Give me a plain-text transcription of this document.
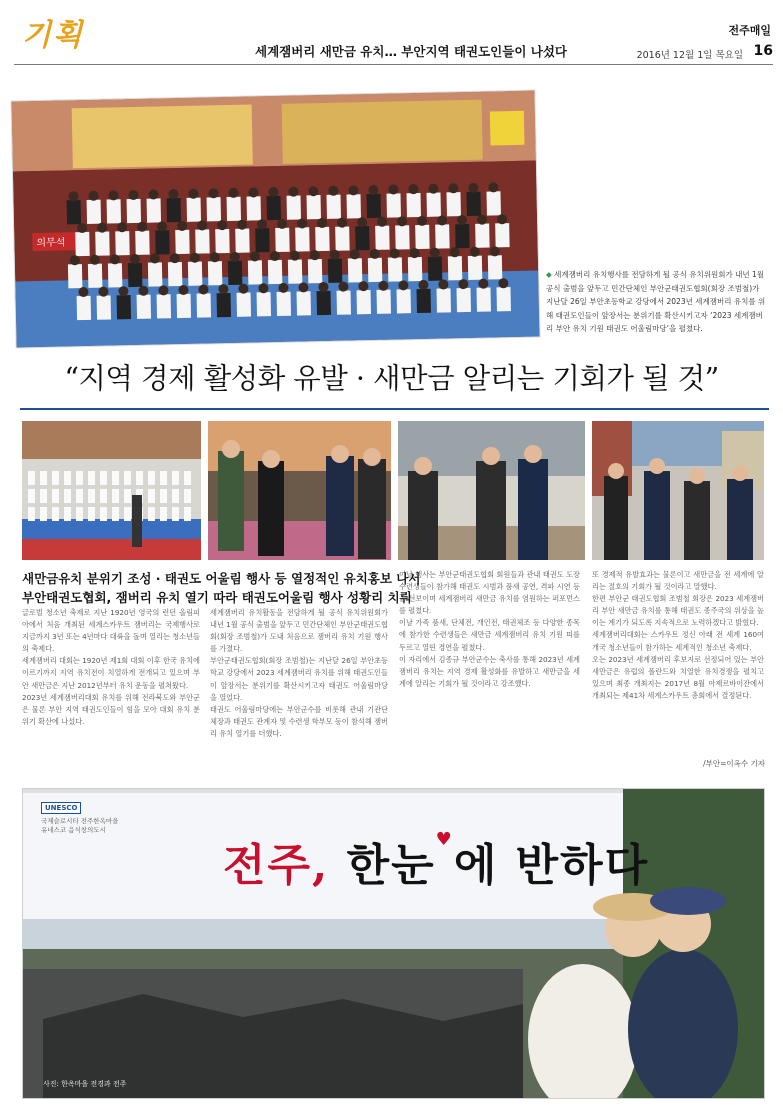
기획	세계잼버리 새만금 유치… 부안지역 태권도인들이 나섰다
전주매일
2016년 12월 1일 목요일 16
의무석
◆ 세계잼버리 유치행사를 전담하게 될 공식 유치위원회가 내년 1월 공식 출범을 앞두고 민간단체인 부안군태권도협회(회장 조범철)가 지난달 26일 부안초등학교 강당에서 2023년 세계잼버리 유치를 위해 태권도인들이 앞장서는 분위기를 확산시키고자 ‘2023 세계잼버리 부안 유치 기원 태권도 어울림마당’을 펼쳤다.
“지역 경제 활성화 유발 · 새만금 알리는 기회가 될 것”
새만금유치 분위기 조성 · 태권도 어울림 행사 등 열정적인 유치홍보 나서
부안태권도협회, 잼버리 유치 열기 따라 태권도어울림 행사 성황리 치뤄

글로벌 청소년 축제로 지난 1920년 영국의 런던 올림피아에서 처음 개최된 세계스카우트 잼버리는 국제행사로 지금까지 3년 또는 4년마다 대륙을 돌며 열리는 청소년들의 축제다.

세계잼버리 대회는 1920년 제1회 대회 이후 한국 유치에 이르기까지 지역 유치전이 치열하게 전개되고 있으며 부안 새만금은 지난 2012년부터 유치 운동을 펼쳐왔다.

2023년 세계잼버리대회 유치를 위해 전라북도와 부안군은 물론 부안 지역 태권도인들이 힘을 모아 대회 유치 분위기 확산에 나섰다.

세계잼버리 유치활동을 전담하게 될 공식 유치위원회가 내년 1월 공식 출범을 앞두고 민간단체인 부안군태권도협회(회장 조범철)가 도내 처음으로 잼버리 유치 기원 행사를 가졌다.

부안군태권도협회(회장 조범철)는 지난달 26일 부안초등학교 강당에서 2023 세계잼버리 유치를 위해 태권도인들이 앞장서는 분위기를 확산시키고자 태권도 어울림마당을 열었다.

태권도 어울림마당에는 부안군수를 비롯해 관내 기관단체장과 태권도 관계자 및 수련생 학부모 등이 참석해 잼버리 유치 열기를 더했다.

이날 행사는 부안군태권도협회 회원들과 관내 태권도 도장 수련생들이 참가해 태권도 시범과 품새 공연, 격파 시연 등을 선보이며 세계잼버리 새만금 유치를 염원하는 퍼포먼스를 펼쳤다.

이날 가족 품새, 단체전, 개인전, 태권체조 등 다양한 종목에 참가한 수련생들은 새만금 세계잼버리 유치 기원 띠를 두르고 열띤 경연을 펼쳤다.

이 자리에서 김종규 부안군수는 축사를 통해 2023년 세계잼버리 유치는 지역 경제 활성화를 유발하고 새만금을 세계에 알리는 기회가 될 것이라고 강조했다.

또 경제적 유발효과는 물론이고 새만금을 전 세계에 알리는 절호의 기회가 될 것이라고 말했다.

한편 부안군 태권도협회 조범철 회장은 2023 세계잼버리 부안 새만금 유치를 통해 태권도 종주국의 위상을 높이는 계기가 되도록 지속적으로 노력하겠다고 밝혔다.

세계잼버리대회는 스카우트 정신 아래 전 세계 160여 개국 청소년들이 참가하는 세계적인 청소년 축제다.

오는 2023년 세계잼버리 후보지로 선정되어 있는 부안 새만금은 유럽의 폴란드와 치열한 유치경쟁을 펼치고 있으며 최종 개최지는 2017년 8월 아제르바이잔에서 개최되는 제41차 세계스카우트 총회에서 결정된다.

/부안=이옥수 기자
UNESCO
국제슬로시티 전주한옥마을
유네스코 음식창의도시
전주, 한눈♥에 반하다
사진: 한옥마을 전경과 전주
